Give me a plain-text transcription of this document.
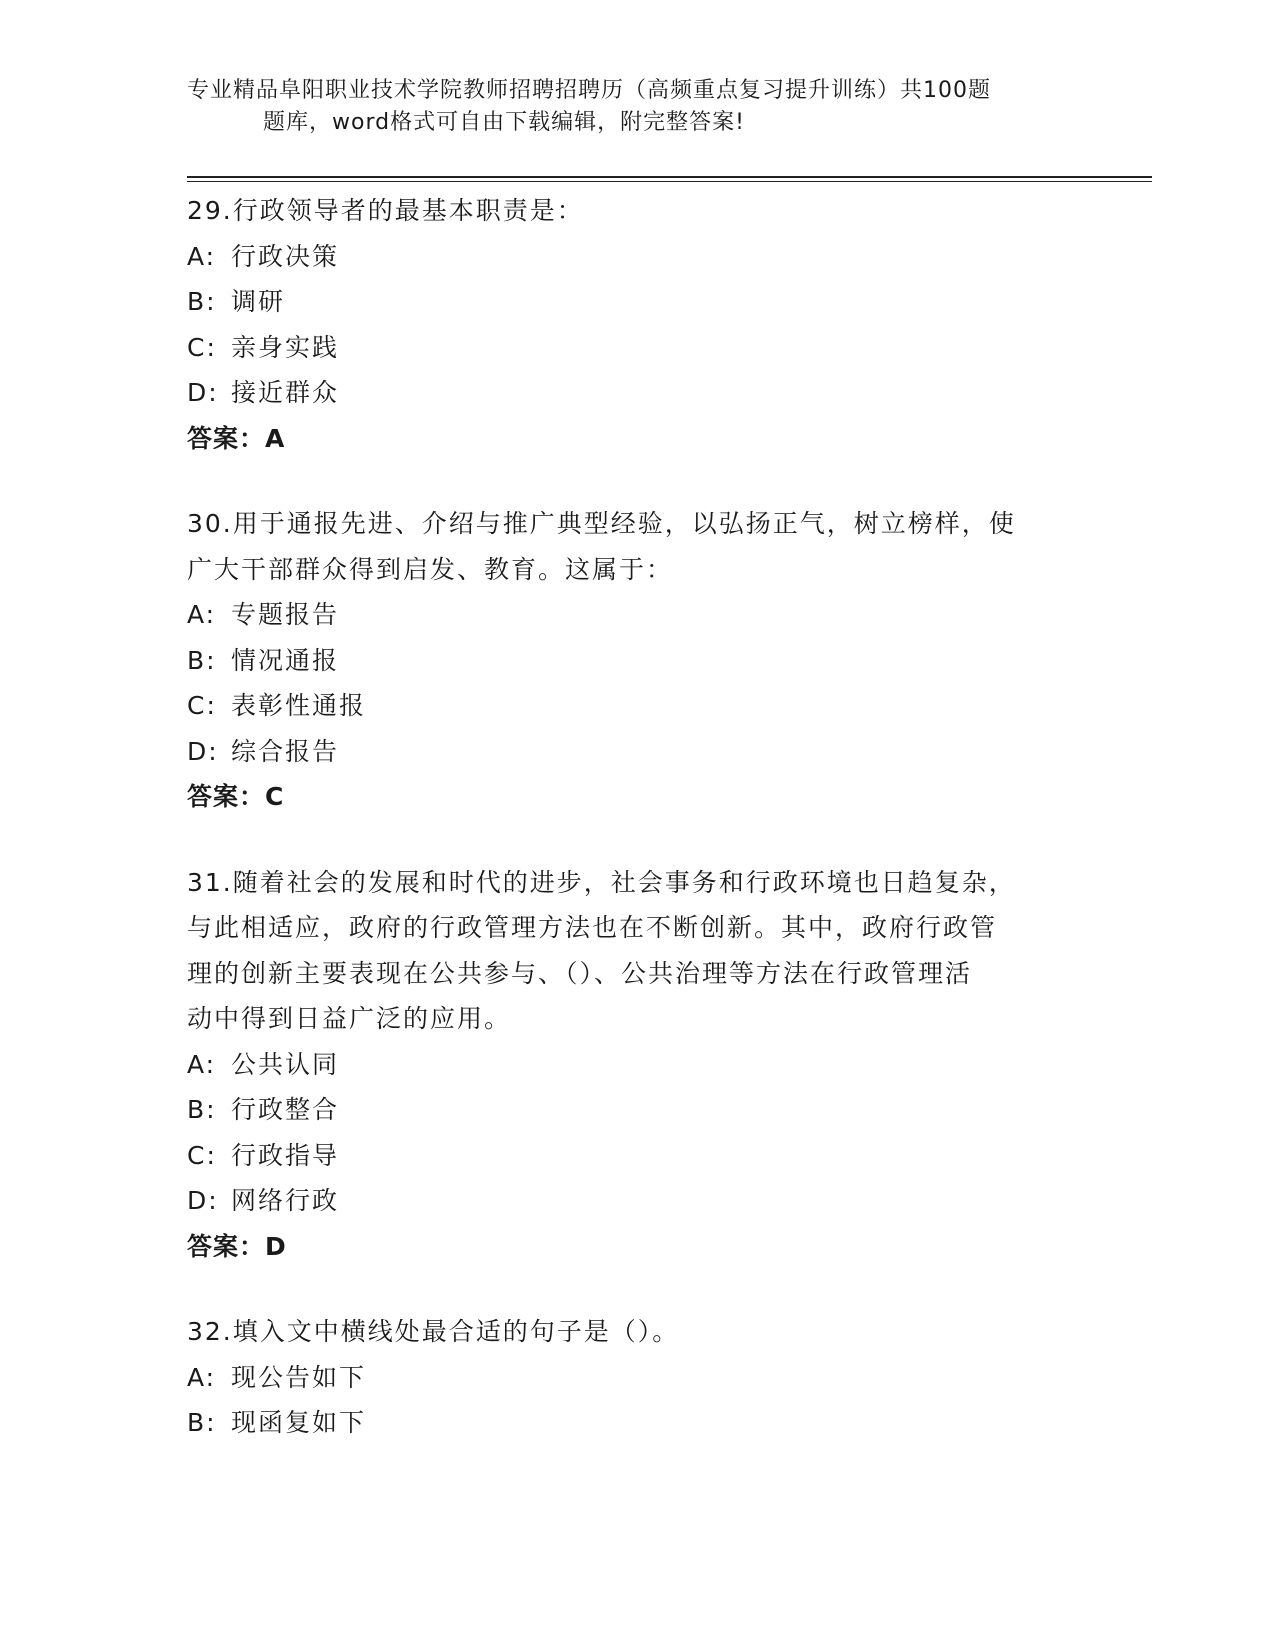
专业精品阜阳职业技术学院教师招聘招聘历（高频重点复习提升训练）共100题
题库，word格式可自由下载编辑，附完整答案!

29.行政领导者的最基本职责是：

A: 行政决策
B: 调研
C: 亲身实践
D: 接近群众
答案：A

30.用于通报先进、介绍与推广典型经验，以弘扬正气，树立榜样，使
广大干部群众得到启发、教育。这属于：

A: 专题报告
B: 情况通报
C: 表彰性通报
D: 综合报告
答案：C

31.随着社会的发展和时代的进步，社会事务和行政环境也日趋复杂，
与此相适应，政府的行政管理方法也在不断创新。其中，政府行政管
理的创新主要表现在公共参与、（）、公共治理等方法在行政管理活
动中得到日益广泛的应用。

A: 公共认同
B: 行政整合
C: 行政指导
D: 网络行政
答案：D

32.填入文中横线处最合适的句子是（）。

A: 现公告如下
B: 现函复如下
